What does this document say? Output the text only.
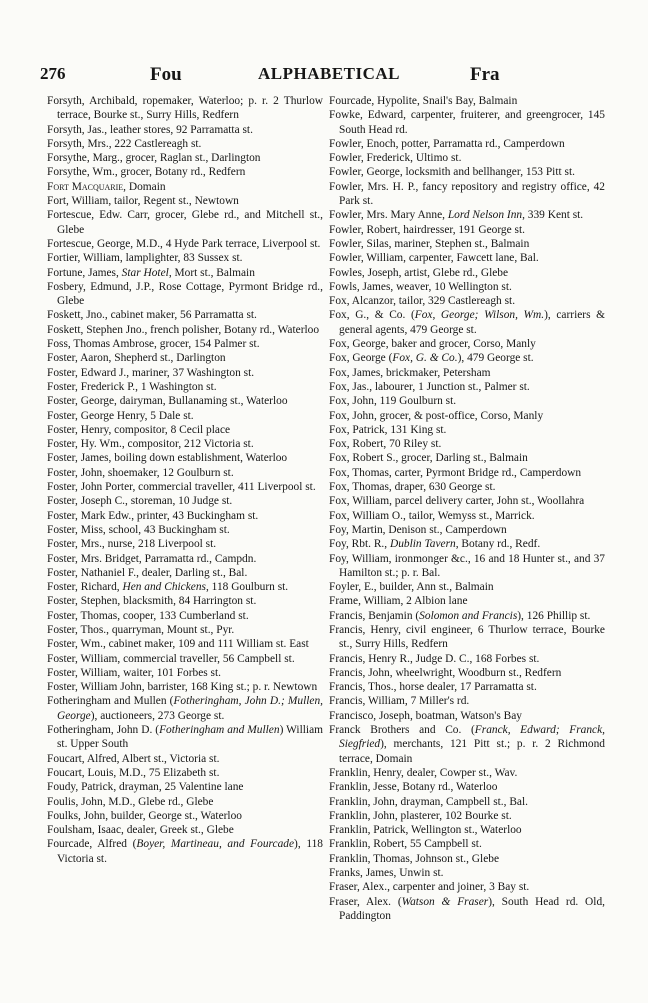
276	Fou	ALPHABETICAL	Fra

Forsyth, Archibald, ropemaker, Waterloo; p. r. 2 Thurlow terrace, Bourke st., Surry Hills, Redfern

Forsyth, Jas., leather stores, 92 Parramatta st.

Forsyth, Mrs., 222 Castlereagh st.

Forsythe, Marg., grocer, Raglan st., Darlington

Forsythe, Wm., grocer, Botany rd., Redfern

Fort Macquarie, Domain

Fort, William, tailor, Regent st., Newtown

Fortescue, Edw. Carr, grocer, Glebe rd., and Mitchell st., Glebe

Fortescue, George, M.D., 4 Hyde Park terrace, Liverpool st.

Fortier, William, lamplighter, 83 Sussex st.

Fortune, James, Star Hotel, Mort st., Balmain

Fosbery, Edmund, J.P., Rose Cottage, Pyrmont Bridge rd., Glebe

Foskett, Jno., cabinet maker, 56 Parramatta st.

Foskett, Stephen Jno., french polisher, Botany rd., Waterloo

Foss, Thomas Ambrose, grocer, 154 Palmer st.

Foster, Aaron, Shepherd st., Darlington

Foster, Edward J., mariner, 37 Washington st.

Foster, Frederick P., 1 Washington st.

Foster, George, dairyman, Bullanaming st., Waterloo

Foster, George Henry, 5 Dale st.

Foster, Henry, compositor, 8 Cecil place

Foster, Hy. Wm., compositor, 212 Victoria st.

Foster, James, boiling down establishment, Waterloo

Foster, John, shoemaker, 12 Goulburn st.

Foster, John Porter, commercial traveller, 411 Liverpool st.

Foster, Joseph C., storeman, 10 Judge st.

Foster, Mark Edw., printer, 43 Buckingham st.

Foster, Miss, school, 43 Buckingham st.

Foster, Mrs., nurse, 218 Liverpool st.

Foster, Mrs. Bridget, Parramatta rd., Campdn.

Foster, Nathaniel F., dealer, Darling st., Bal.

Foster, Richard, Hen and Chickens, 118 Goulburn st.

Foster, Stephen, blacksmith, 84 Harrington st.

Foster, Thomas, cooper, 133 Cumberland st.

Foster, Thos., quarryman, Mount st., Pyr.

Foster, Wm., cabinet maker, 109 and 111 William st. East

Foster, William, commercial traveller, 56 Campbell st.

Foster, William, waiter, 101 Forbes st.

Foster, William John, barrister, 168 King st.; p. r. Newtown

Fotheringham and Mullen (Fotheringham, John D.; Mullen, George), auctioneers, 273 George st.

Fotheringham, John D. (Fotheringham and Mullen) William st. Upper South

Foucart, Alfred, Albert st., Victoria st.

Foucart, Louis, M.D., 75 Elizabeth st.

Foudy, Patrick, drayman, 25 Valentine lane

Foulis, John, M.D., Glebe rd., Glebe

Foulks, John, builder, George st., Waterloo

Foulsham, Isaac, dealer, Greek st., Glebe

Fourcade, Alfred (Boyer, Martineau, and Fourcade), 118 Victoria st.

Fourcade, Hypolite, Snail's Bay, Balmain

Fowke, Edward, carpenter, fruiterer, and greengrocer, 145 South Head rd.

Fowler, Enoch, potter, Parramatta rd., Camperdown

Fowler, Frederick, Ultimo st.

Fowler, George, locksmith and bellhanger, 153 Pitt st.

Fowler, Mrs. H. P., fancy repository and registry office, 42 Park st.

Fowler, Mrs. Mary Anne, Lord Nelson Inn, 339 Kent st.

Fowler, Robert, hairdresser, 191 George st.

Fowler, Silas, mariner, Stephen st., Balmain

Fowler, William, carpenter, Fawcett lane, Bal.

Fowles, Joseph, artist, Glebe rd., Glebe

Fowls, James, weaver, 10 Wellington st.

Fox, Alcanzor, tailor, 329 Castlereagh st.

Fox, G., & Co. (Fox, George; Wilson, Wm.), carriers & general agents, 479 George st.

Fox, George, baker and grocer, Corso, Manly

Fox, George (Fox, G. & Co.), 479 George st.

Fox, James, brickmaker, Petersham

Fox, Jas., labourer, 1 Junction st., Palmer st.

Fox, John, 119 Goulburn st.

Fox, John, grocer, & post-office, Corso, Manly

Fox, Patrick, 131 King st.

Fox, Robert, 70 Riley st.

Fox, Robert S., grocer, Darling st., Balmain

Fox, Thomas, carter, Pyrmont Bridge rd., Camperdown

Fox, Thomas, draper, 630 George st.

Fox, William, parcel delivery carter, John st., Woollahra

Fox, William O., tailor, Wemyss st., Marrick.

Foy, Martin, Denison st., Camperdown

Foy, Rbt. R., Dublin Tavern, Botany rd., Redf.

Foy, William, ironmonger &c., 16 and 18 Hunter st., and 37 Hamilton st.; p. r. Bal.

Foyler, E., builder, Ann st., Balmain

Frame, William, 2 Albion lane

Francis, Benjamin (Solomon and Francis), 126 Phillip st.

Francis, Henry, civil engineer, 6 Thurlow terrace, Bourke st., Surry Hills, Redfern

Francis, Henry R., Judge D. C., 168 Forbes st.

Francis, John, wheelwright, Woodburn st., Redfern

Francis, Thos., horse dealer, 17 Parramatta st.

Francis, William, 7 Miller's rd.

Francisco, Joseph, boatman, Watson's Bay

Franck Brothers and Co. (Franck, Edward; Franck, Siegfried), merchants, 121 Pitt st.; p. r. 2 Richmond terrace, Domain

Franklin, Henry, dealer, Cowper st., Wav.

Franklin, Jesse, Botany rd., Waterloo

Franklin, John, drayman, Campbell st., Bal.

Franklin, John, plasterer, 102 Bourke st.

Franklin, Patrick, Wellington st., Waterloo

Franklin, Robert, 55 Campbell st.

Franklin, Thomas, Johnson st., Glebe

Franks, James, Unwin st.

Fraser, Alex., carpenter and joiner, 3 Bay st.

Fraser, Alex. (Watson & Fraser), South Head rd. Old, Paddington
